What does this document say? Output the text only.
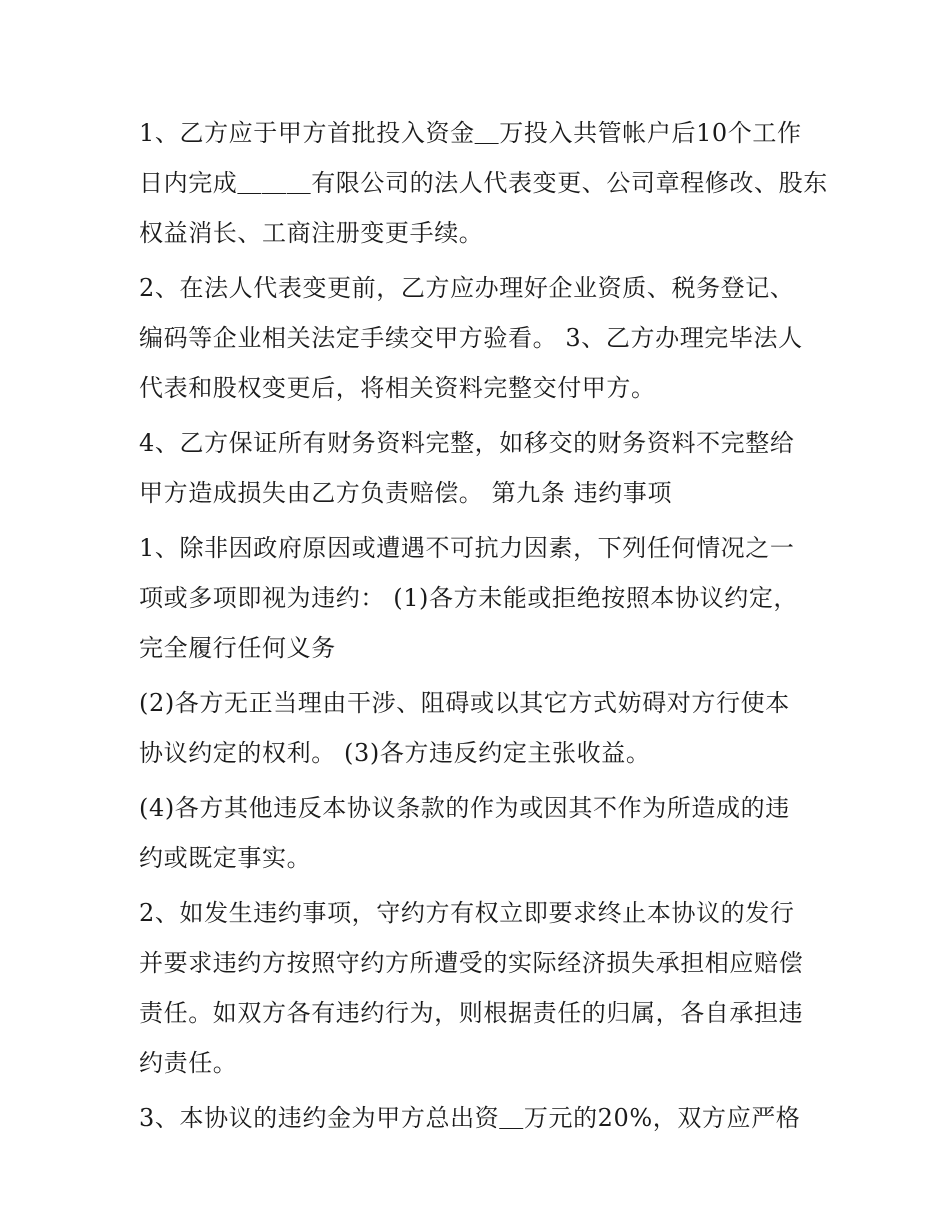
1、乙方应于甲方首批投入资金＿万投入共管帐户后10个工作
日内完成＿＿＿有限公司的法人代表变更、公司章程修改、股东
权益消长、工商注册变更手续。
2、在法人代表变更前，乙方应办理好企业资质、税务登记、
编码等企业相关法定手续交甲方验看。 3、乙方办理完毕法人
代表和股权变更后，将相关资料完整交付甲方。
4、乙方保证所有财务资料完整，如移交的财务资料不完整给
甲方造成损失由乙方负责赔偿。 第九条 违约事项
1、除非因政府原因或遭遇不可抗力因素，下列任何情况之一
项或多项即视为违约： (1)各方未能或拒绝按照本协议约定，
完全履行任何义务
(2)各方无正当理由干涉、阻碍或以其它方式妨碍对方行使本
协议约定的权利。 (3)各方违反约定主张收益。
(4)各方其他违反本协议条款的作为或因其不作为所造成的违
约或既定事实。
2、如发生违约事项，守约方有权立即要求终止本协议的发行
并要求违约方按照守约方所遭受的实际经济损失承担相应赔偿
责任。如双方各有违约行为，则根据责任的归属，各自承担违
约责任。
3、本协议的违约金为甲方总出资＿万元的20%，双方应严格
